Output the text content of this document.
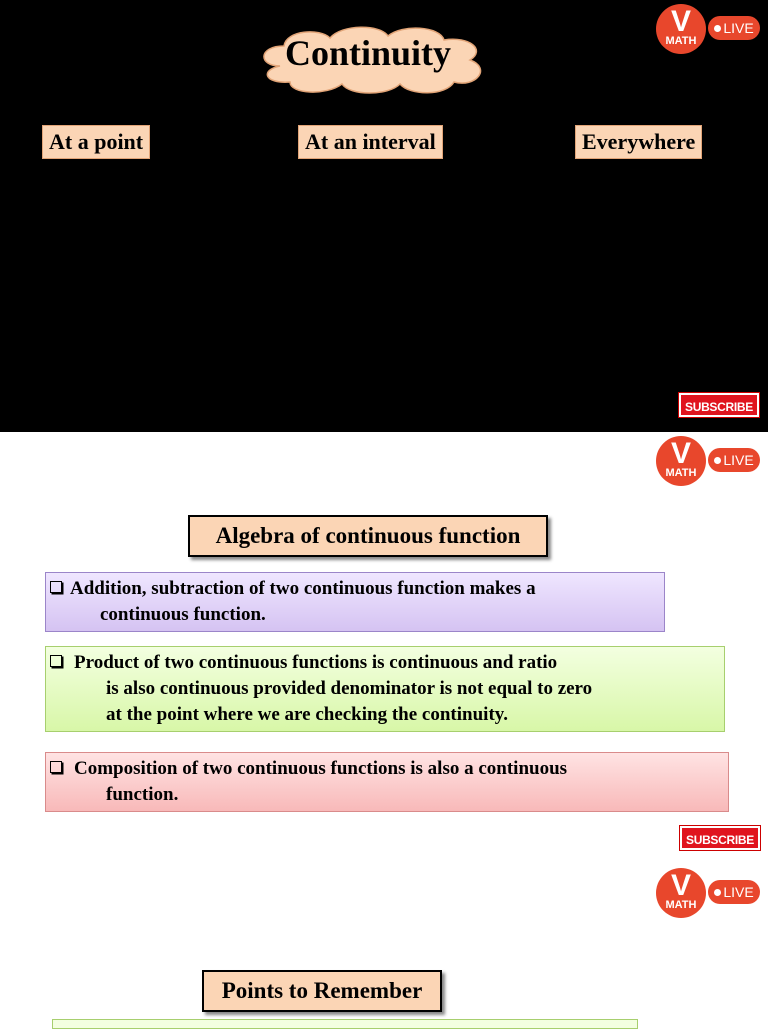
Continuity
At a point	At an interval	Everywhere
V
MATH
LIVE
SUBSCRIBE
V
MATH
LIVE
Algebra of continuous function
Addition, subtraction of two continuous function makes a
continuous function.
Product of two continuous functions is continuous and ratio
is also continuous provided denominator is not equal to zero
at the point where we are checking the continuity.
Composition of two continuous functions is also a continuous
function.
SUBSCRIBE
V
MATH
LIVE
Points to Remember
